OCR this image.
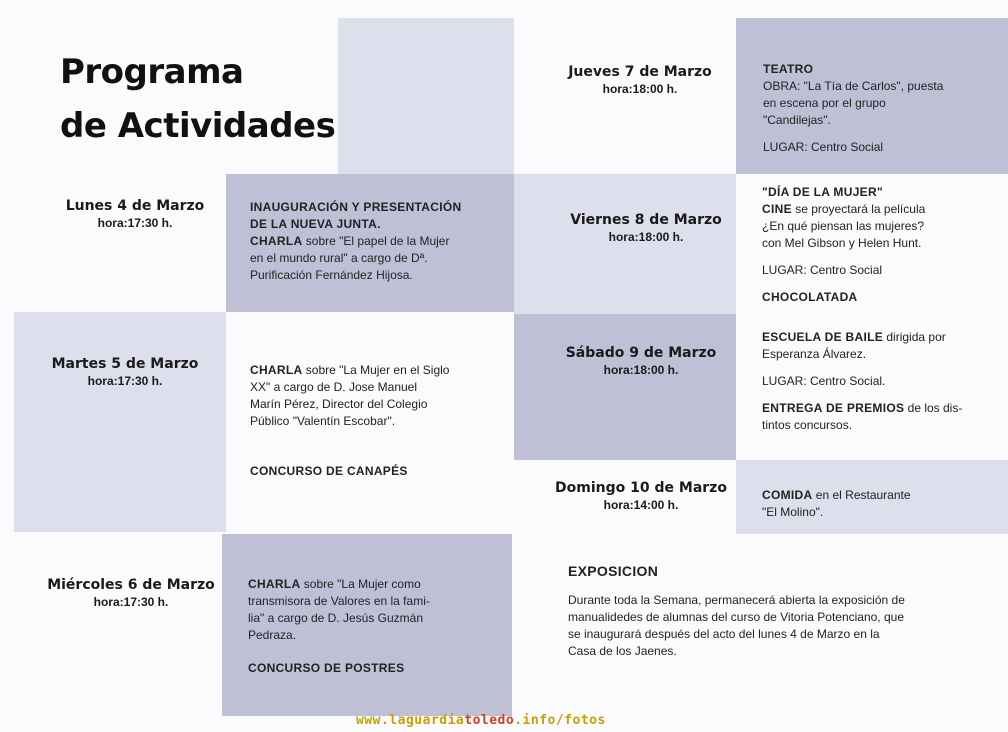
Programa
de Actividades
Lunes 4 de Marzo
hora:17:30 h.

INAUGURACIÓN Y PRESENTACIÓN

DE LA NUEVA JUNTA.

CHARLA sobre "El papel de la Mujer

en el mundo rural" a cargo de Dª.

Purificación Fernández Hijosa.

Martes 5 de Marzo
hora:17:30 h.

CHARLA sobre "La Mujer en el Siglo

XX" a cargo de D. Jose Manuel

Marín Pérez, Director del Colegio

Público "Valentín Escobar".

CONCURSO DE CANAPÉS

Miércoles 6 de Marzo
hora:17:30 h.

CHARLA sobre "La Mujer como

transmisora de Valores en la fami-

lia" a cargo de D. Jesús Guzmán

Pedraza.

CONCURSO DE POSTRES

Jueves 7 de Marzo
hora:18:00 h.

TEATRO

OBRA: "La Tía de Carlos", puesta

en escena por el grupo

"Candilejas".

LUGAR: Centro Social

Viernes 8 de Marzo
hora:18:00 h.

"DÍA DE LA MUJER"

CINE se proyectará la película

¿En qué piensan las mujeres?

con Mel Gibson y Helen Hunt.

LUGAR: Centro Social

CHOCOLATADA

Sábado 9 de Marzo
hora:18:00 h.

ESCUELA DE BAILE dirigida por

Esperanza Álvarez.

LUGAR: Centro Social.

ENTREGA DE PREMIOS de los dis-

tintos concursos.

Domingo 10 de Marzo
hora:14:00 h.

COMIDA en el Restaurante

"El Molino".

EXPOSICION

Durante toda la Semana, permanecerá abierta la exposición de

manualidedes de alumnas del curso de Vitoria Potenciano, que

se inaugurará después del acto del lunes 4 de Marzo en la

Casa de los Jaenes.

www.laguardiatoledo.info/fotos
